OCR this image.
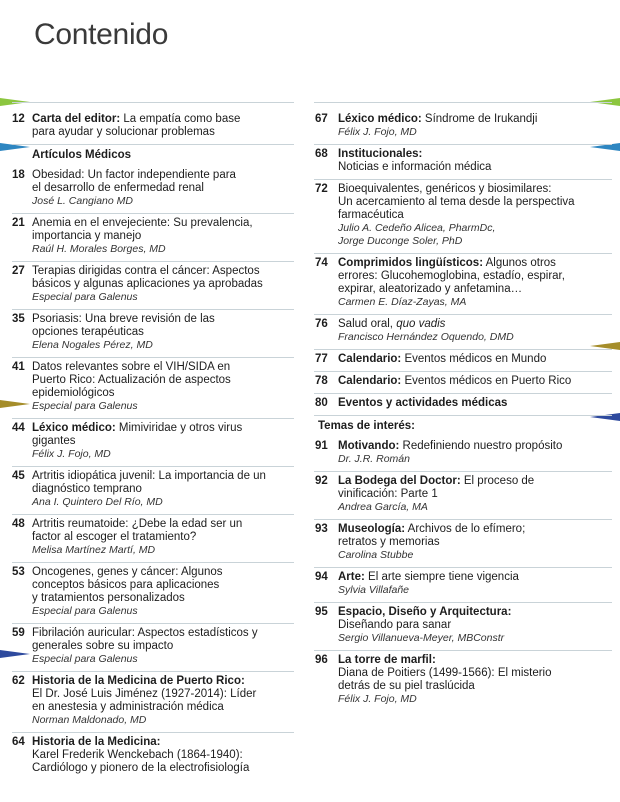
Contenido
12 Carta del editor: La empatía como base
para ayudar y solucionar problemas
Artículos Médicos
18 Obesidad: Un factor independiente para
el desarrollo de enfermedad renal
José L. Cangiano MD
21 Anemia en el envejeciente: Su prevalencia,
importancia y manejo
Raúl H. Morales Borges, MD
27 Terapias dirigidas contra el cáncer: Aspectos
básicos y algunas aplicaciones ya aprobadas
Especial para Galenus
35 Psoriasis: Una breve revisión de las
opciones terapéuticas
Elena Nogales Pérez, MD
41 Datos relevantes sobre el VIH/SIDA en
Puerto Rico: Actualización de aspectos
epidemiológicos
Especial para Galenus
44 Léxico médico: Mimiviridae y otros virus
gigantes
Félix J. Fojo, MD
45 Artritis idiopática juvenil: La importancia de un
diagnóstico temprano
Ana I. Quintero Del Río, MD
48 Artritis reumatoide: ¿Debe la edad ser un
factor al escoger el tratamiento?
Melisa Martínez Martí, MD
53 Oncogenes, genes y cáncer: Algunos
conceptos básicos para aplicaciones
y tratamientos personalizados
Especial para Galenus
59 Fibrilación auricular: Aspectos estadísticos y
generales sobre su impacto
Especial para Galenus
62 Historia de la Medicina de Puerto Rico:
El Dr. José Luis Jiménez (1927-2014): Líder
en anestesia y administración médica
Norman Maldonado, MD
64 Historia de la Medicina:
Karel Frederik Wenckebach (1864-1940):
Cardiólogo y pionero de la electrofisiología
67 Léxico médico: Síndrome de Irukandji
Félix J. Fojo, MD
68 Institucionales:
Noticias e información médica
72 Bioequivalentes, genéricos y biosimilares:
Un acercamiento al tema desde la perspectiva
farmacéutica
Julio A. Cedeño Alicea, PharmDc,
Jorge Duconge Soler, PhD
74 Comprimidos lingüísticos: Algunos otros
errores: Glucohemoglobina, estadío, espirar,
expirar, aleatorizado y anfetamina…
Carmen E. Díaz-Zayas, MA
76 Salud oral, quo vadis
Francisco Hernández Oquendo, DMD
77 Calendario: Eventos médicos en Mundo
78 Calendario: Eventos médicos en Puerto Rico
80 Eventos y actividades médicas
Temas de interés:
91 Motivando: Redefiniendo nuestro propósito
Dr. J.R. Román
92 La Bodega del Doctor: El proceso de
vinificación: Parte 1
Andrea García, MA
93 Museología: Archivos de lo efímero;
retratos y memorias
Carolina Stubbe
94 Arte: El arte siempre tiene vigencia
Sylvia Villafañe
95 Espacio, Diseño y Arquitectura:
Diseñando para sanar
Sergio Villanueva-Meyer, MBConstr
96 La torre de marfil:
Diana de Poitiers (1499-1566): El misterio
detrás de su piel traslúcida
Félix J. Fojo, MD
